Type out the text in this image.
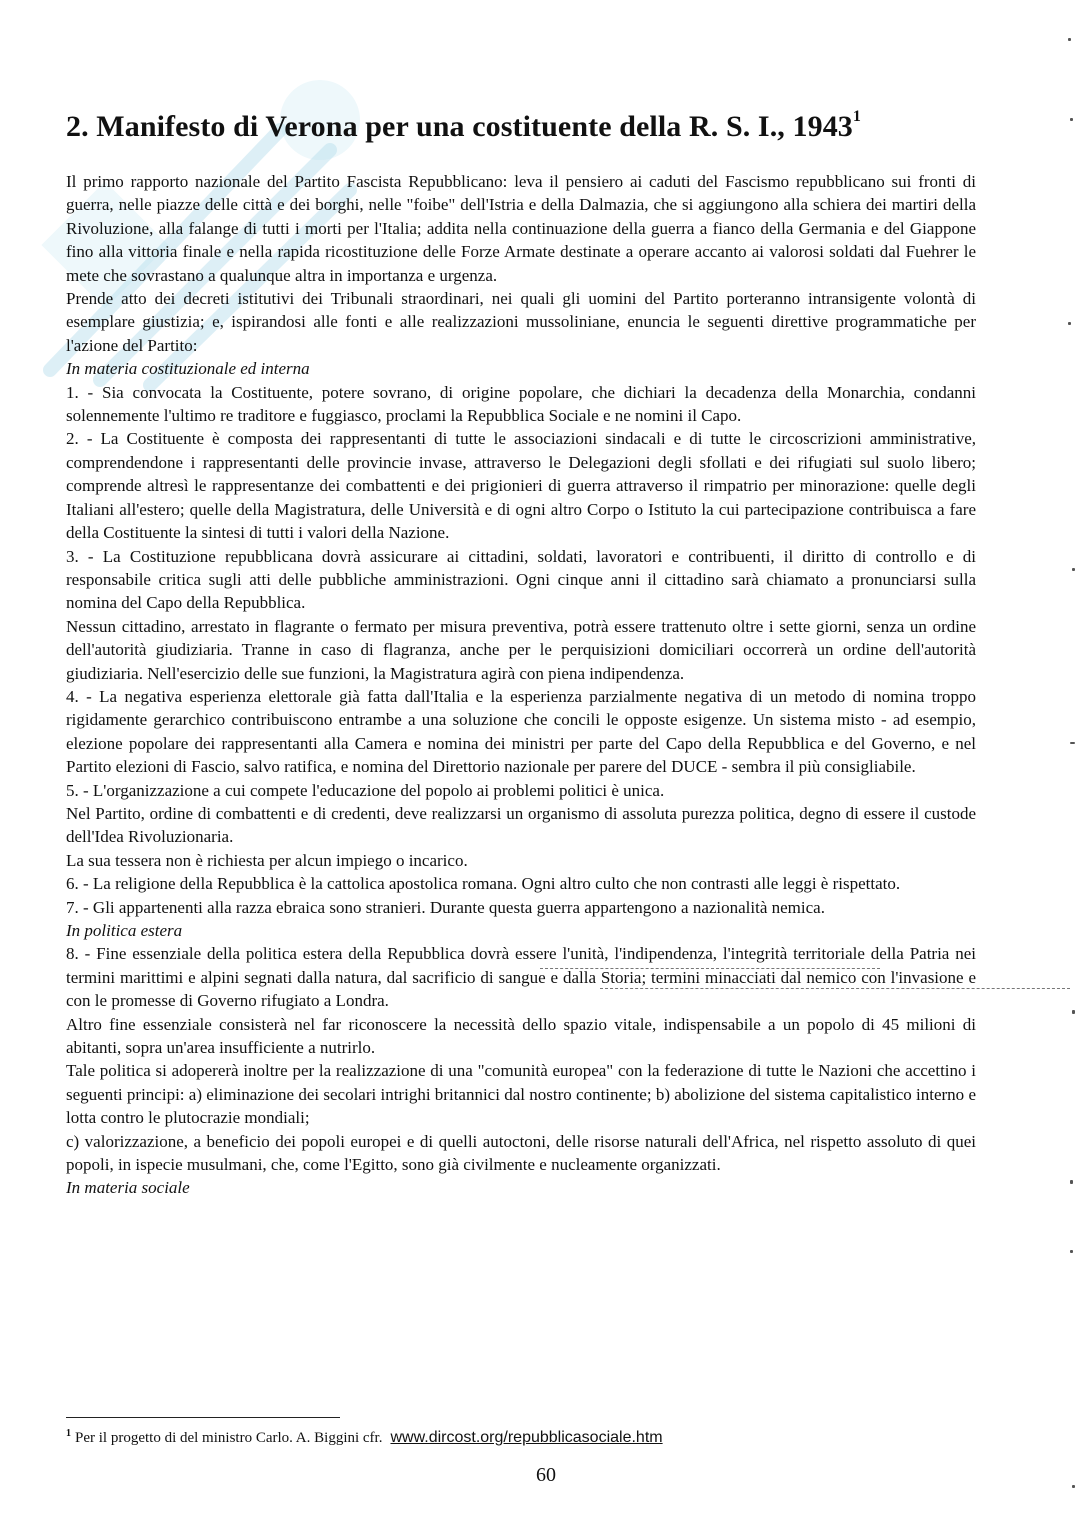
2. Manifesto di Verona per una costituente della R. S. I., 1943$^1$

Il primo rapporto nazionale del Partito Fascista Repubblicano: leva il pensiero ai caduti del Fascismo repubblicano sui fronti di guerra, nelle piazze delle città e dei borghi, nelle "foibe" dell'Istria e della Dalmazia, che si aggiungono alla schiera dei martiri della Rivoluzione, alla falange di tutti i morti per l'Italia; addita nella continuazione della guerra a fianco della Germania e del Giappone fino alla vittoria finale e nella rapida ricostituzione delle Forze Armate destinate a operare accanto ai valorosi soldati dal Fuehrer le mete che sovrastano a qualunque altra in importanza e urgenza.

Prende atto dei decreti istitutivi dei Tribunali straordinari, nei quali gli uomini del Partito porteranno intransigente volontà di esemplare giustizia; e, ispirandosi alle fonti e alle realizzazioni mussoliniane, enuncia le seguenti direttive programmatiche per l'azione del Partito:

In materia costituzionale ed interna

1. - Sia convocata la Costituente, potere sovrano, di origine popolare, che dichiari la decadenza della Monarchia, condanni solennemente l'ultimo re traditore e fuggiasco, proclami la Repubblica Sociale e ne nomini il Capo.

2. - La Costituente è composta dei rappresentanti di tutte le associazioni sindacali e di tutte le circoscrizioni amministrative, comprendendone i rappresentanti delle provincie invase, attraverso le Delegazioni degli sfollati e dei rifugiati sul suolo libero; comprende altresì le rappresentanze dei combattenti e dei prigionieri di guerra attraverso il rimpatrio per minorazione: quelle degli Italiani all'estero; quelle della Magistratura, delle Università e di ogni altro Corpo o Istituto la cui partecipazione contribuisca a fare della Costituente la sintesi di tutti i valori della Nazione.

3. - La Costituzione repubblicana dovrà assicurare ai cittadini, soldati, lavoratori e contribuenti, il diritto di controllo e di responsabile critica sugli atti delle pubbliche amministrazioni. Ogni cinque anni il cittadino sarà chiamato a pronunciarsi sulla nomina del Capo della Repubblica.

Nessun cittadino, arrestato in flagrante o fermato per misura preventiva, potrà essere trattenuto oltre i sette giorni, senza un ordine dell'autorità giudiziaria. Tranne in caso di flagranza, anche per le perquisizioni domiciliari occorrerà un ordine dell'autorità giudiziaria. Nell'esercizio delle sue funzioni, la Magistratura agirà con piena indipendenza.

4. - La negativa esperienza elettorale già fatta dall'Italia e la esperienza parzialmente negativa di un metodo di nomina troppo rigidamente gerarchico contribuiscono entrambe a una soluzione che concili le opposte esigenze. Un sistema misto - ad esempio, elezione popolare dei rappresentanti alla Camera e nomina dei ministri per parte del Capo della Repubblica e del Governo, e nel Partito elezioni di Fascio, salvo ratifica, e nomina del Direttorio nazionale per parere del DUCE - sembra il più consigliabile.

5. - L'organizzazione a cui compete l'educazione del popolo ai problemi politici è unica.

Nel Partito, ordine di combattenti e di credenti, deve realizzarsi un organismo di assoluta purezza politica, degno di essere il custode dell'Idea Rivoluzionaria.

La sua tessera non è richiesta per alcun impiego o incarico.

6. - La religione della Repubblica è la cattolica apostolica romana. Ogni altro culto che non contrasti alle leggi è rispettato.

7. - Gli appartenenti alla razza ebraica sono stranieri. Durante questa guerra appartengono a nazionalità nemica.

In politica estera

8. - Fine essenziale della politica estera della Repubblica dovrà essere l'unità, l'indipendenza, l'integrità territoriale della Patria nei termini marittimi e alpini segnati dalla natura, dal sacrificio di sangue e dalla Storia; termini minacciati dal nemico con l'invasione e con le promesse di Governo rifugiato a Londra.

Altro fine essenziale consisterà nel far riconoscere la necessità dello spazio vitale, indispensabile a un popolo di 45 milioni di abitanti, sopra un'area insufficiente a nutrirlo.

Tale politica si adopererà inoltre per la realizzazione di una "comunità europea" con la federazione di tutte le Nazioni che accettino i seguenti principi: a) eliminazione dei secolari intrighi britannici dal nostro continente; b) abolizione del sistema capitalistico interno e lotta contro le plutocrazie mondiali;

c) valorizzazione, a beneficio dei popoli europei e di quelli autoctoni, delle risorse naturali dell'Africa, nel rispetto assoluto di quei popoli, in ispecie musulmani, che, come l'Egitto, sono già civilmente e nucleamente organizzati.

In materia sociale

$^1$ Per il progetto di del ministro Carlo. A. Biggini cfr. www.dircost.org/repubblicasociale.htm
60
